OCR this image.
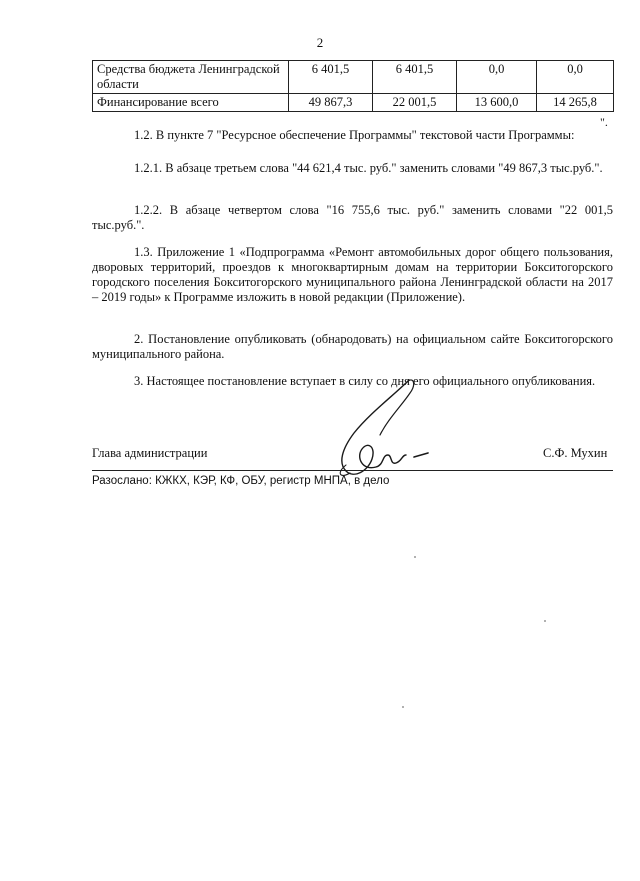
2
Средства бюджета Ленинградской области	6 401,5	6 401,5	0,0	0,0
Финансирование всего	49 867,3	22 001,5	13 600,0	14 265,8
".
1.2. В пункте 7 "Ресурсное обеспечение Программы" текстовой части Программы:
1.2.1. В абзаце третьем слова "44 621,4 тыс. руб." заменить словами "49 867,3 тыс.руб.".
1.2.2. В абзаце четвертом слова "16 755,6 тыс. руб." заменить словами "22 001,5 тыс.руб.".
1.3. Приложение 1 «Подпрограмма «Ремонт автомобильных дорог общего пользования, дворовых территорий, проездов к многоквартирным домам на территории Бокситогорского городского поселения Бокситогорского муниципального района Ленинградской области на 2017 – 2019 годы» к Программе изложить в новой редакции (Приложение).
2. Постановление опубликовать (обнародовать) на официальном сайте Бокситогорского муниципального района.
3. Настоящее постановление вступает в силу со дня его официального опубликования.
Глава администрации	С.Ф. Мухин
Разослано: КЖКХ, КЭР, КФ, ОБУ, регистр МНПА, в дело
